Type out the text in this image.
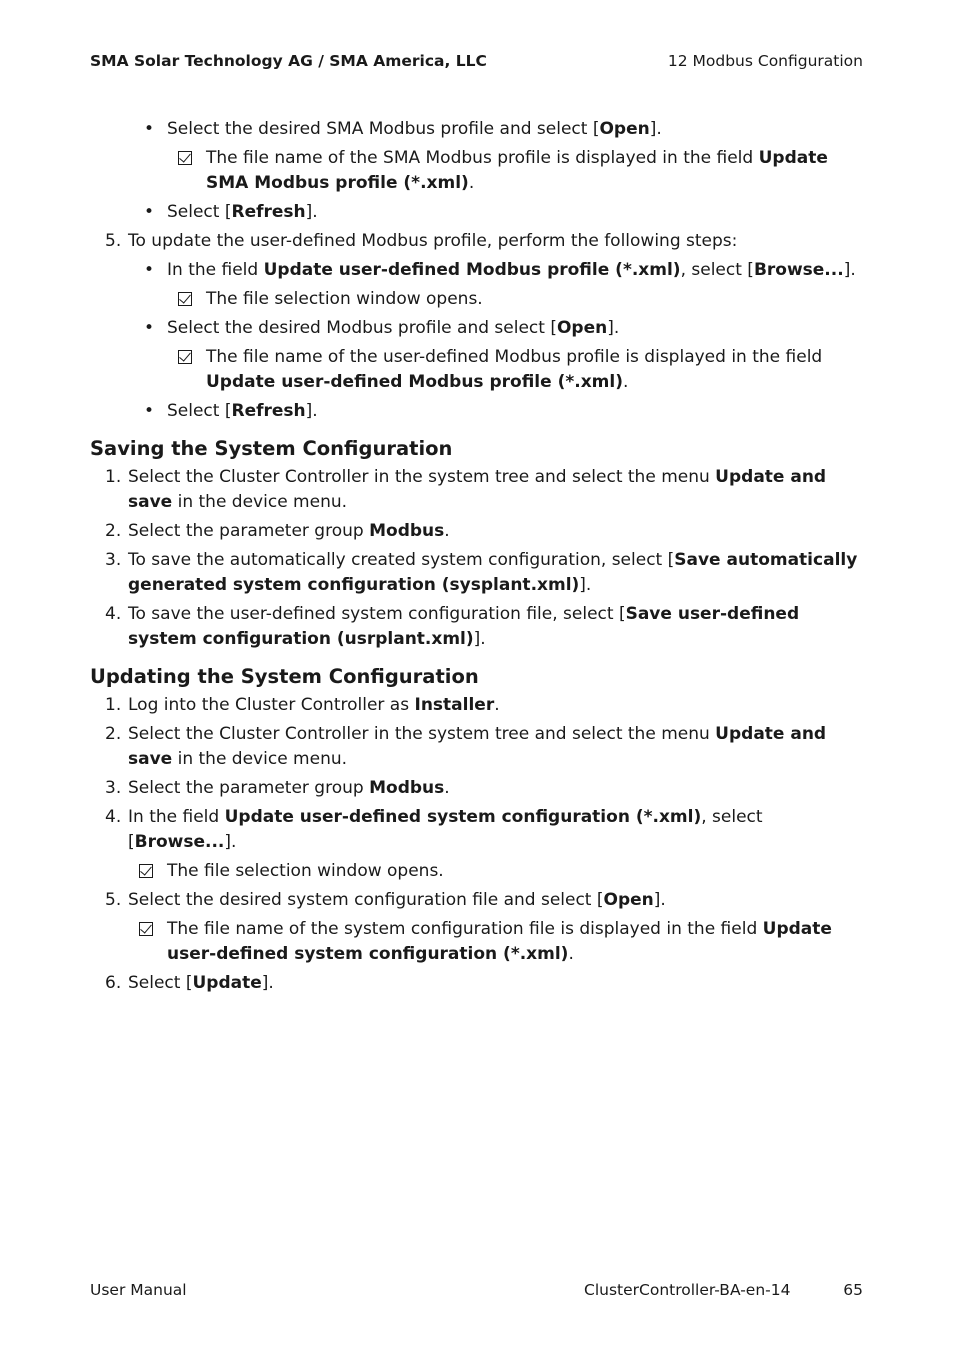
SMA Solar Technology AG / SMA America, LLC	12 Modbus Configuration
• Select the desired SMA Modbus profile and select [Open].

The file name of the SMA Modbus profile is displayed in the field Update SMA Modbus profile (*.xml).

• Select [Refresh].

5. To update the user-defined Modbus profile, perform the following steps:

• In the field Update user-defined Modbus profile (*.xml), select [Browse...].

The file selection window opens.

• Select the desired Modbus profile and select [Open].

The file name of the user-defined Modbus profile is displayed in the field Update user-defined Modbus profile (*.xml).

• Select [Refresh].

Saving the System Configuration
1. Select the Cluster Controller in the system tree and select the menu Update and save in the device menu.

2. Select the parameter group Modbus.

3. To save the automatically created system configuration, select [Save automatically generated system configuration (sysplant.xml)].

4. To save the user-defined system configuration file, select [Save user-defined system configuration (usrplant.xml)].

Updating the System Configuration
1. Log into the Cluster Controller as Installer.

2. Select the Cluster Controller in the system tree and select the menu Update and save in the device menu.

3. Select the parameter group Modbus.

4. In the field Update user-defined system configuration (*.xml), select [Browse...].

The file selection window opens.

5. Select the desired system configuration file and select [Open].

The file name of the system configuration file is displayed in the field Update user-defined system configuration (*.xml).

6. Select [Update].

User Manual	ClusterController-BA-en-14	65
